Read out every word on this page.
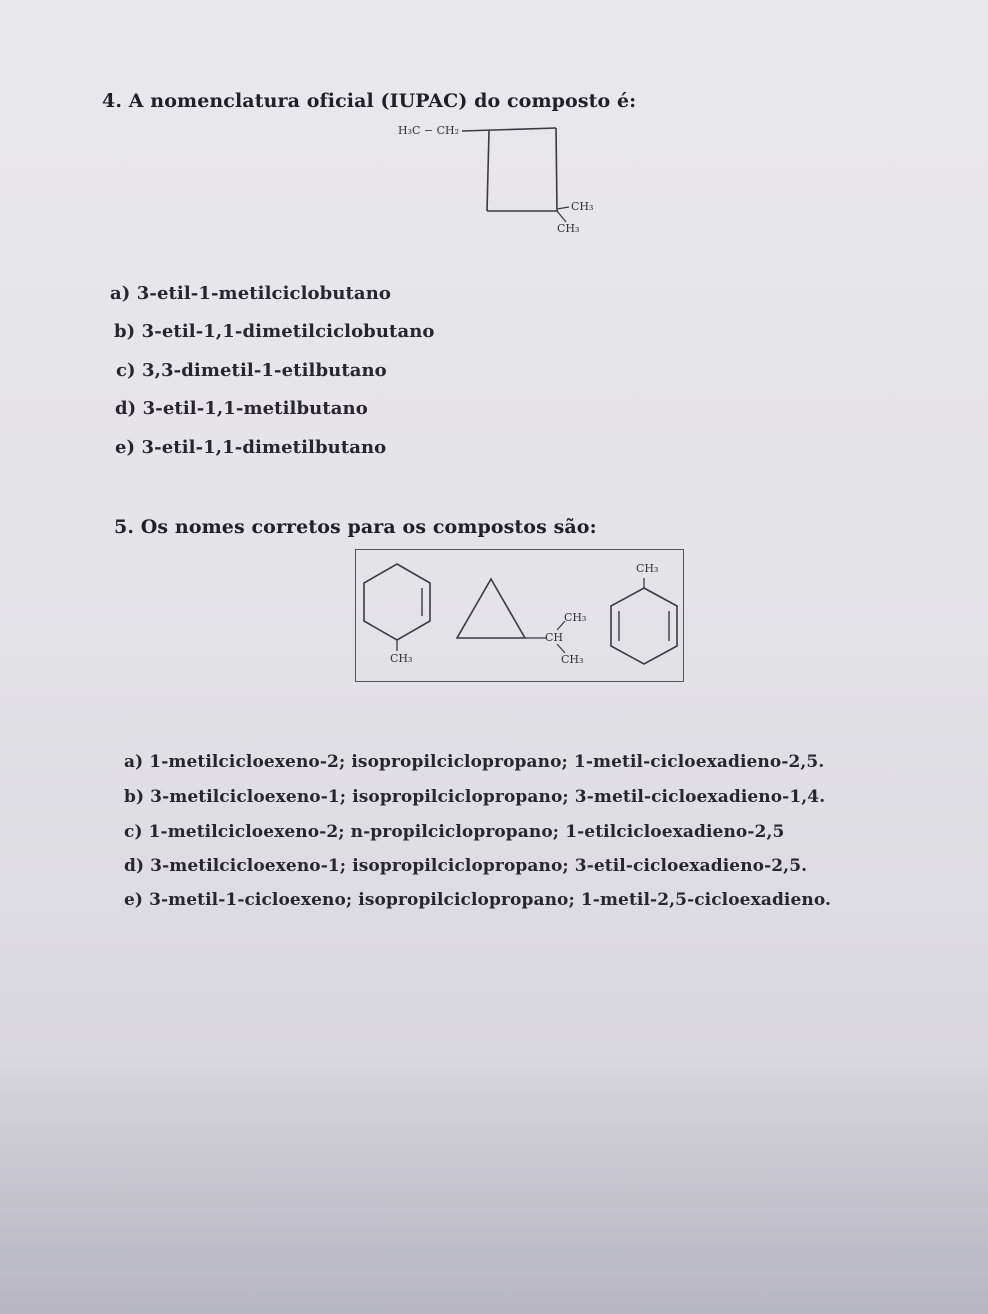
4. A nomenclatura oficial (IUPAC) do composto é:
H₃C − CH₂
CH₃
CH₃
a) 3-etil-1-metilciclobutano
b) 3-etil-1,1-dimetilciclobutano
c) 3,3-dimetil-1-etilbutano
d) 3-etil-1,1-metilbutano
e) 3-etil-1,1-dimetilbutano
5. Os nomes corretos para os compostos são:
CH₃
CH₃
CH
CH₃
CH₃
a) 1-metilcicloexeno-2; isopropilciclopropano; 1-metil-cicloexadieno-2,5.
b) 3-metilcicloexeno-1; isopropilciclopropano; 3-metil-cicloexadieno-1,4.
c) 1-metilcicloexeno-2; n-propilciclopropano; 1-etilcicloexadieno-2,5
d) 3-metilcicloexeno-1; isopropilciclopropano; 3-etil-cicloexadieno-2,5.
e) 3-metil-1-cicloexeno; isopropilciclopropano; 1-metil-2,5-cicloexadieno.
